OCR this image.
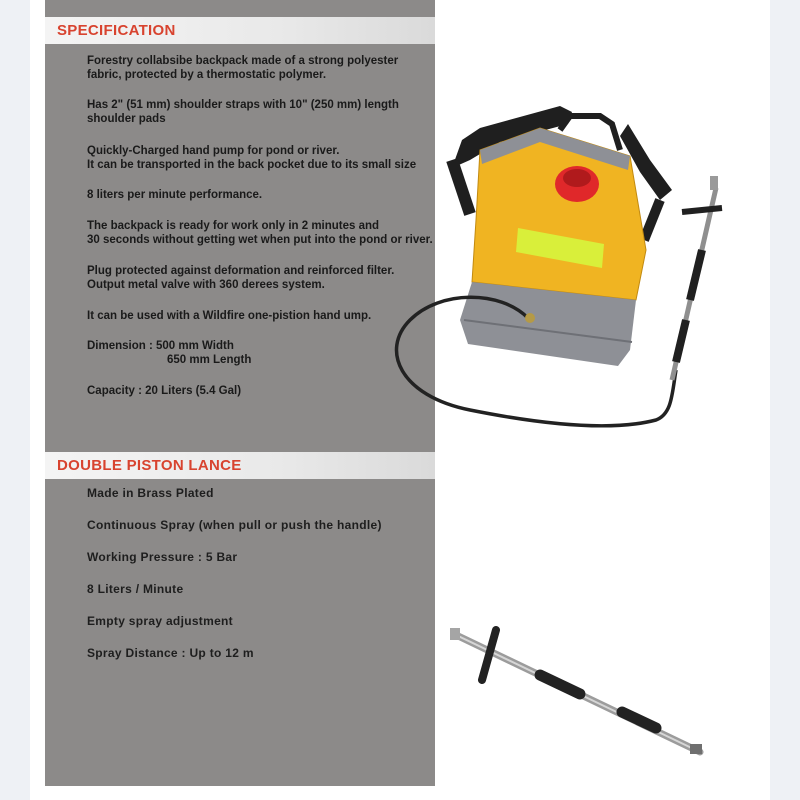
SPECIFICATION
Forestry collabsibe backpack made of a strong polyester
fabric, protected by a thermostatic polymer.
Has 2" (51 mm) shoulder straps with 10" (250 mm) length
shoulder pads
Quickly-Charged hand pump for pond or river.
It can be transported in the back pocket due to its small size
8 liters per minute performance.
The backpack is ready for work only in 2 minutes and
30 seconds without getting wet when put into the pond or river.
Plug protected against deformation and reinforced filter.
Output metal valve with 360 derees system.
It can be used with a Wildfire one-pistion hand ump.
Dimension : 500 mm Width
650 mm Length
Capacity : 20 Liters (5.4 Gal)
DOUBLE PISTON LANCE
Made in Brass Plated
Continuous Spray (when pull or push the handle)
Working Pressure : 5 Bar
8 Liters / Minute
Empty spray adjustment
Spray Distance : Up to 12 m
